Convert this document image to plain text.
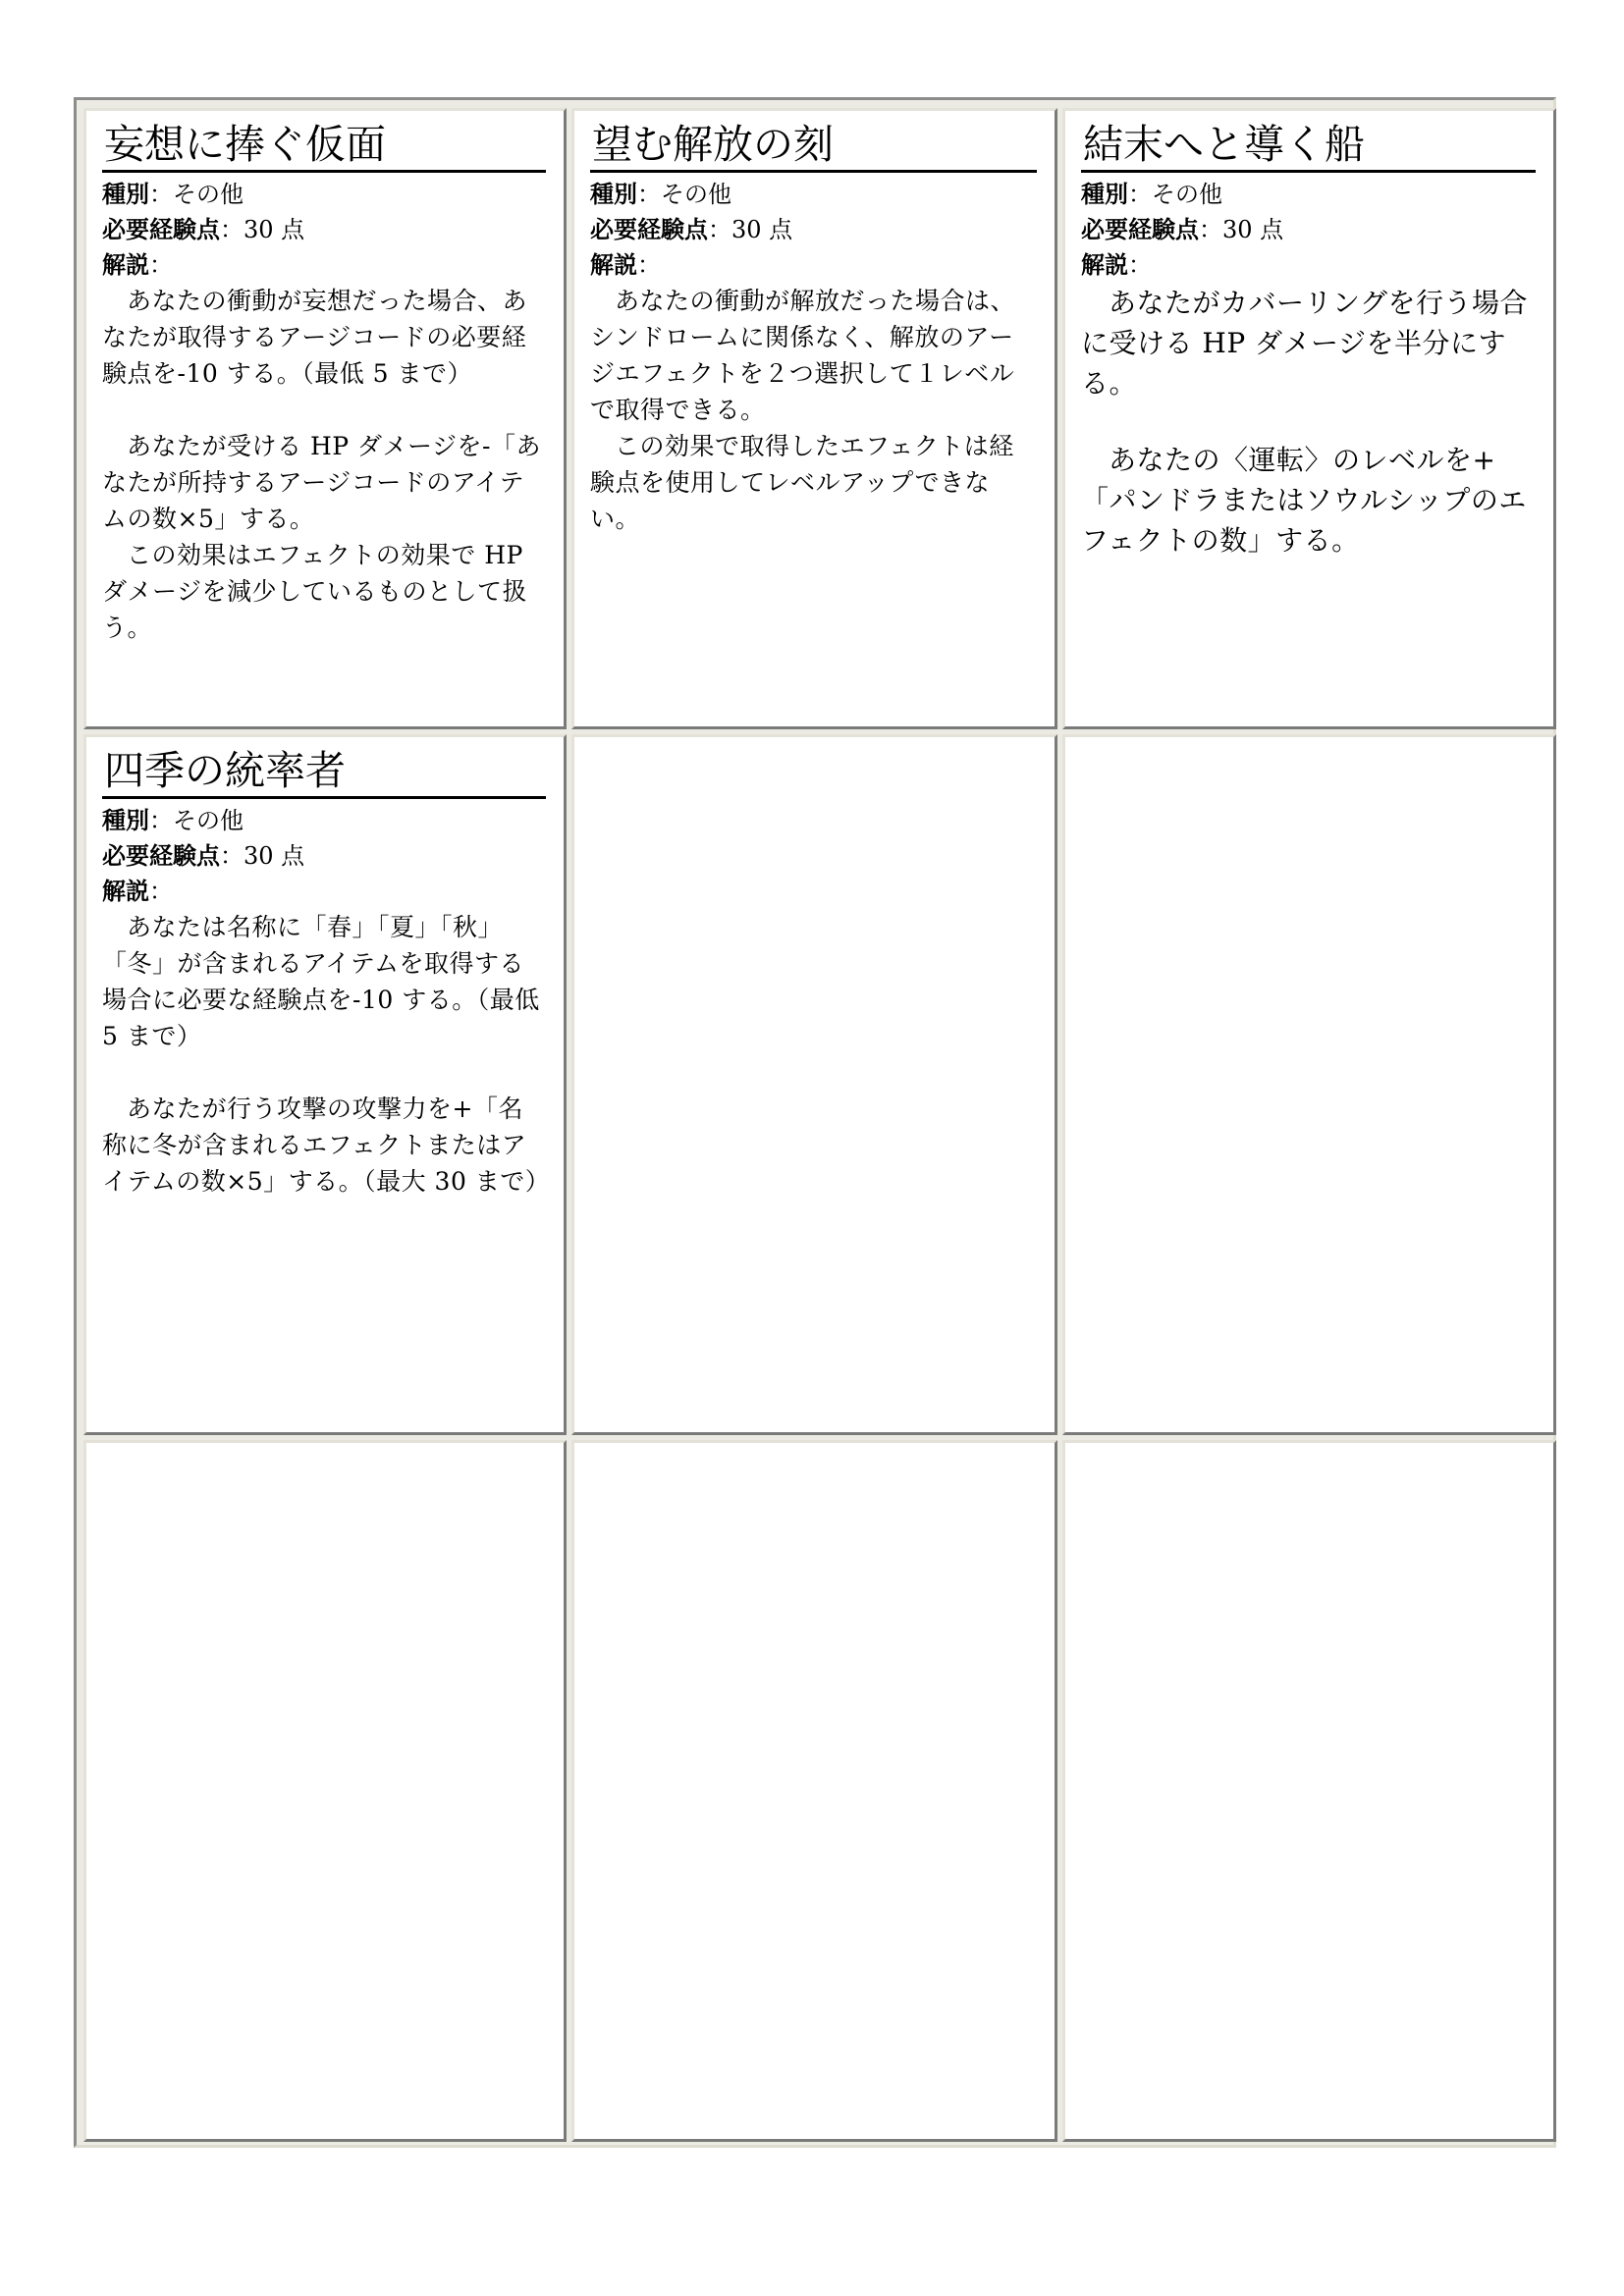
妄想に捧ぐ仮面
種別：その他
必要経験点：30 点
解説：

あなたの衝動が妄想だった場合、あなたが取得するアージコードの必要経験点を-10 する。（最低 5 まで）

あなたが受ける HP ダメージを-「あなたが所持するアージコードのアイテムの数×5」する。

この効果はエフェクトの効果で HP ダメージを減少しているものとして扱う。

望む解放の刻
種別：その他
必要経験点：30 点
解説：

あなたの衝動が解放だった場合は、シンドロームに関係なく、解放のアージエフェクトを２つ選択して１レベルで取得できる。

この効果で取得したエフェクトは経験点を使用してレベルアップできない。

結末へと導く船
種別：その他
必要経験点：30 点
解説：

あなたがカバーリングを行う場合に受ける HP ダメージを半分にする。

あなたの〈運転〉のレベルを+「パンドラまたはソウルシップのエフェクトの数」する。

四季の統率者
種別：その他
必要経験点：30 点
解説：

あなたは名称に「春」「夏」「秋」「冬」が含まれるアイテムを取得する場合に必要な経験点を-10 する。（最低 5 まで）

あなたが行う攻撃の攻撃力を+「名称に冬が含まれるエフェクトまたはアイテムの数×5」する。（最大 30 まで）
